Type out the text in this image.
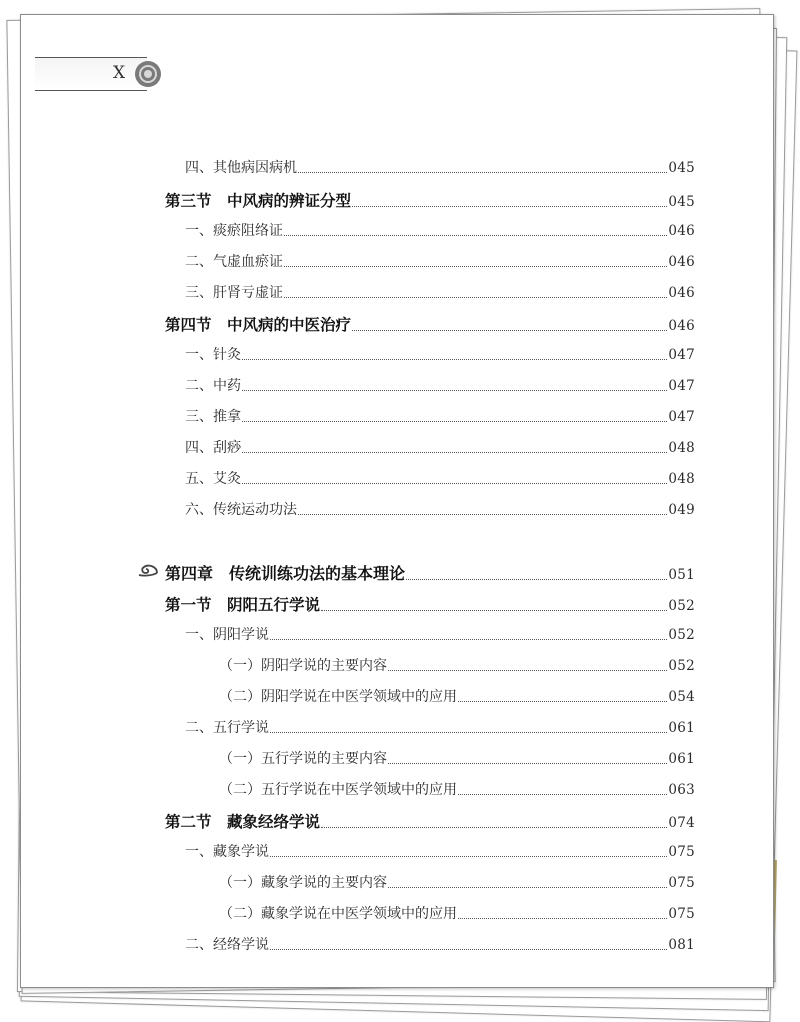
X
四、其他病因病机	045
第三节　中风病的辨证分型	045
一、痰瘀阻络证	046
二、气虚血瘀证	046
三、肝肾亏虚证	046
第四节　中风病的中医治疗	046
一、针灸	047
二、中药	047
三、推拿	047
四、刮痧	048
五、艾灸	048
六、传统运动功法	049
第四章　传统训练功法的基本理论	051
第一节　阴阳五行学说	052
一、阴阳学说	052
（一）阴阳学说的主要内容	052
（二）阴阳学说在中医学领域中的应用	054
二、五行学说	061
（一）五行学说的主要内容	061
（二）五行学说在中医学领域中的应用	063
第二节　藏象经络学说	074
一、藏象学说	075
（一）藏象学说的主要内容	075
（二）藏象学说在中医学领域中的应用	075
二、经络学说	081
